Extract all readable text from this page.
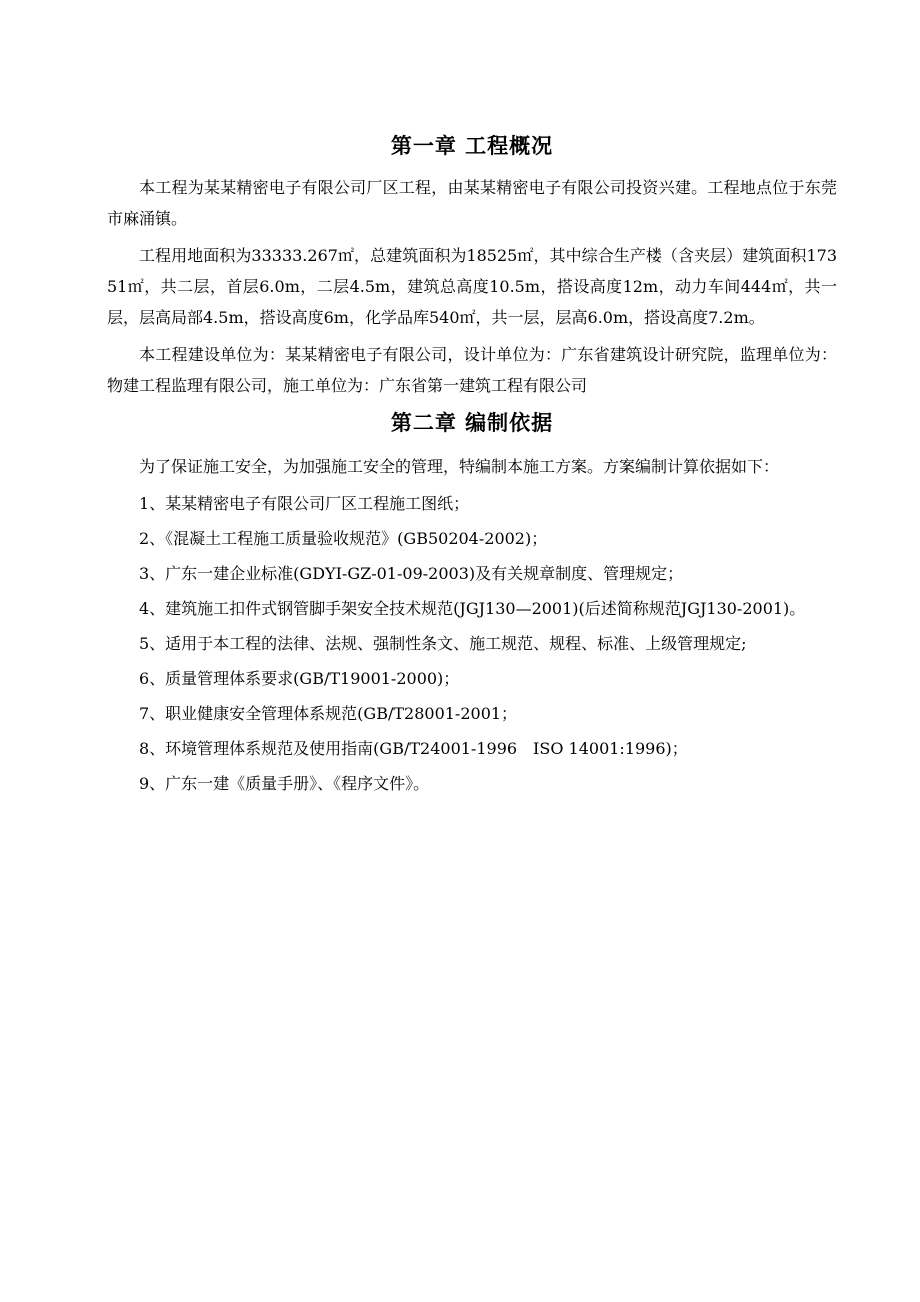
第一章 工程概况

本工程为某某精密电子有限公司厂区工程，由某某精密电子有限公司投资兴建。工程地点位于东莞市麻涌镇。

工程用地面积为33333.267㎡，总建筑面积为18525㎡，其中综合生产楼（含夹层）建筑面积17351㎡，共二层，首层6.0m，二层4.5m，建筑总高度10.5m，搭设高度12m，动力车间444㎡，共一层，层高局部4.5m，搭设高度6m，化学品库540㎡，共一层，层高6.0m，搭设高度7.2m。

本工程建设单位为：某某精密电子有限公司，设计单位为：广东省建筑设计研究院，监理单位为：物建工程监理有限公司，施工单位为：广东省第一建筑工程有限公司

第二章 编制依据

为了保证施工安全，为加强施工安全的管理，特编制本施工方案。方案编制计算依据如下：

1、某某精密电子有限公司厂区工程施工图纸；

2、《混凝土工程施工质量验收规范》(GB50204-2002)；

3、广东一建企业标准(GDYI-GZ-01-09-2003)及有关规章制度、管理规定；

4、建筑施工扣件式钢管脚手架安全技术规范(JGJ130—2001)(后述简称规范JGJ130-2001)。

5、适用于本工程的法律、法规、强制性条文、施工规范、规程、标准、上级管理规定;

6、质量管理体系要求(GB/T19001-2000)；

7、职业健康安全管理体系规范(GB/T28001-2001；

8、环境管理体系规范及使用指南(GB/T24001-1996　ISO 14001:1996)；

9、广东一建《质量手册》、《程序文件》。
